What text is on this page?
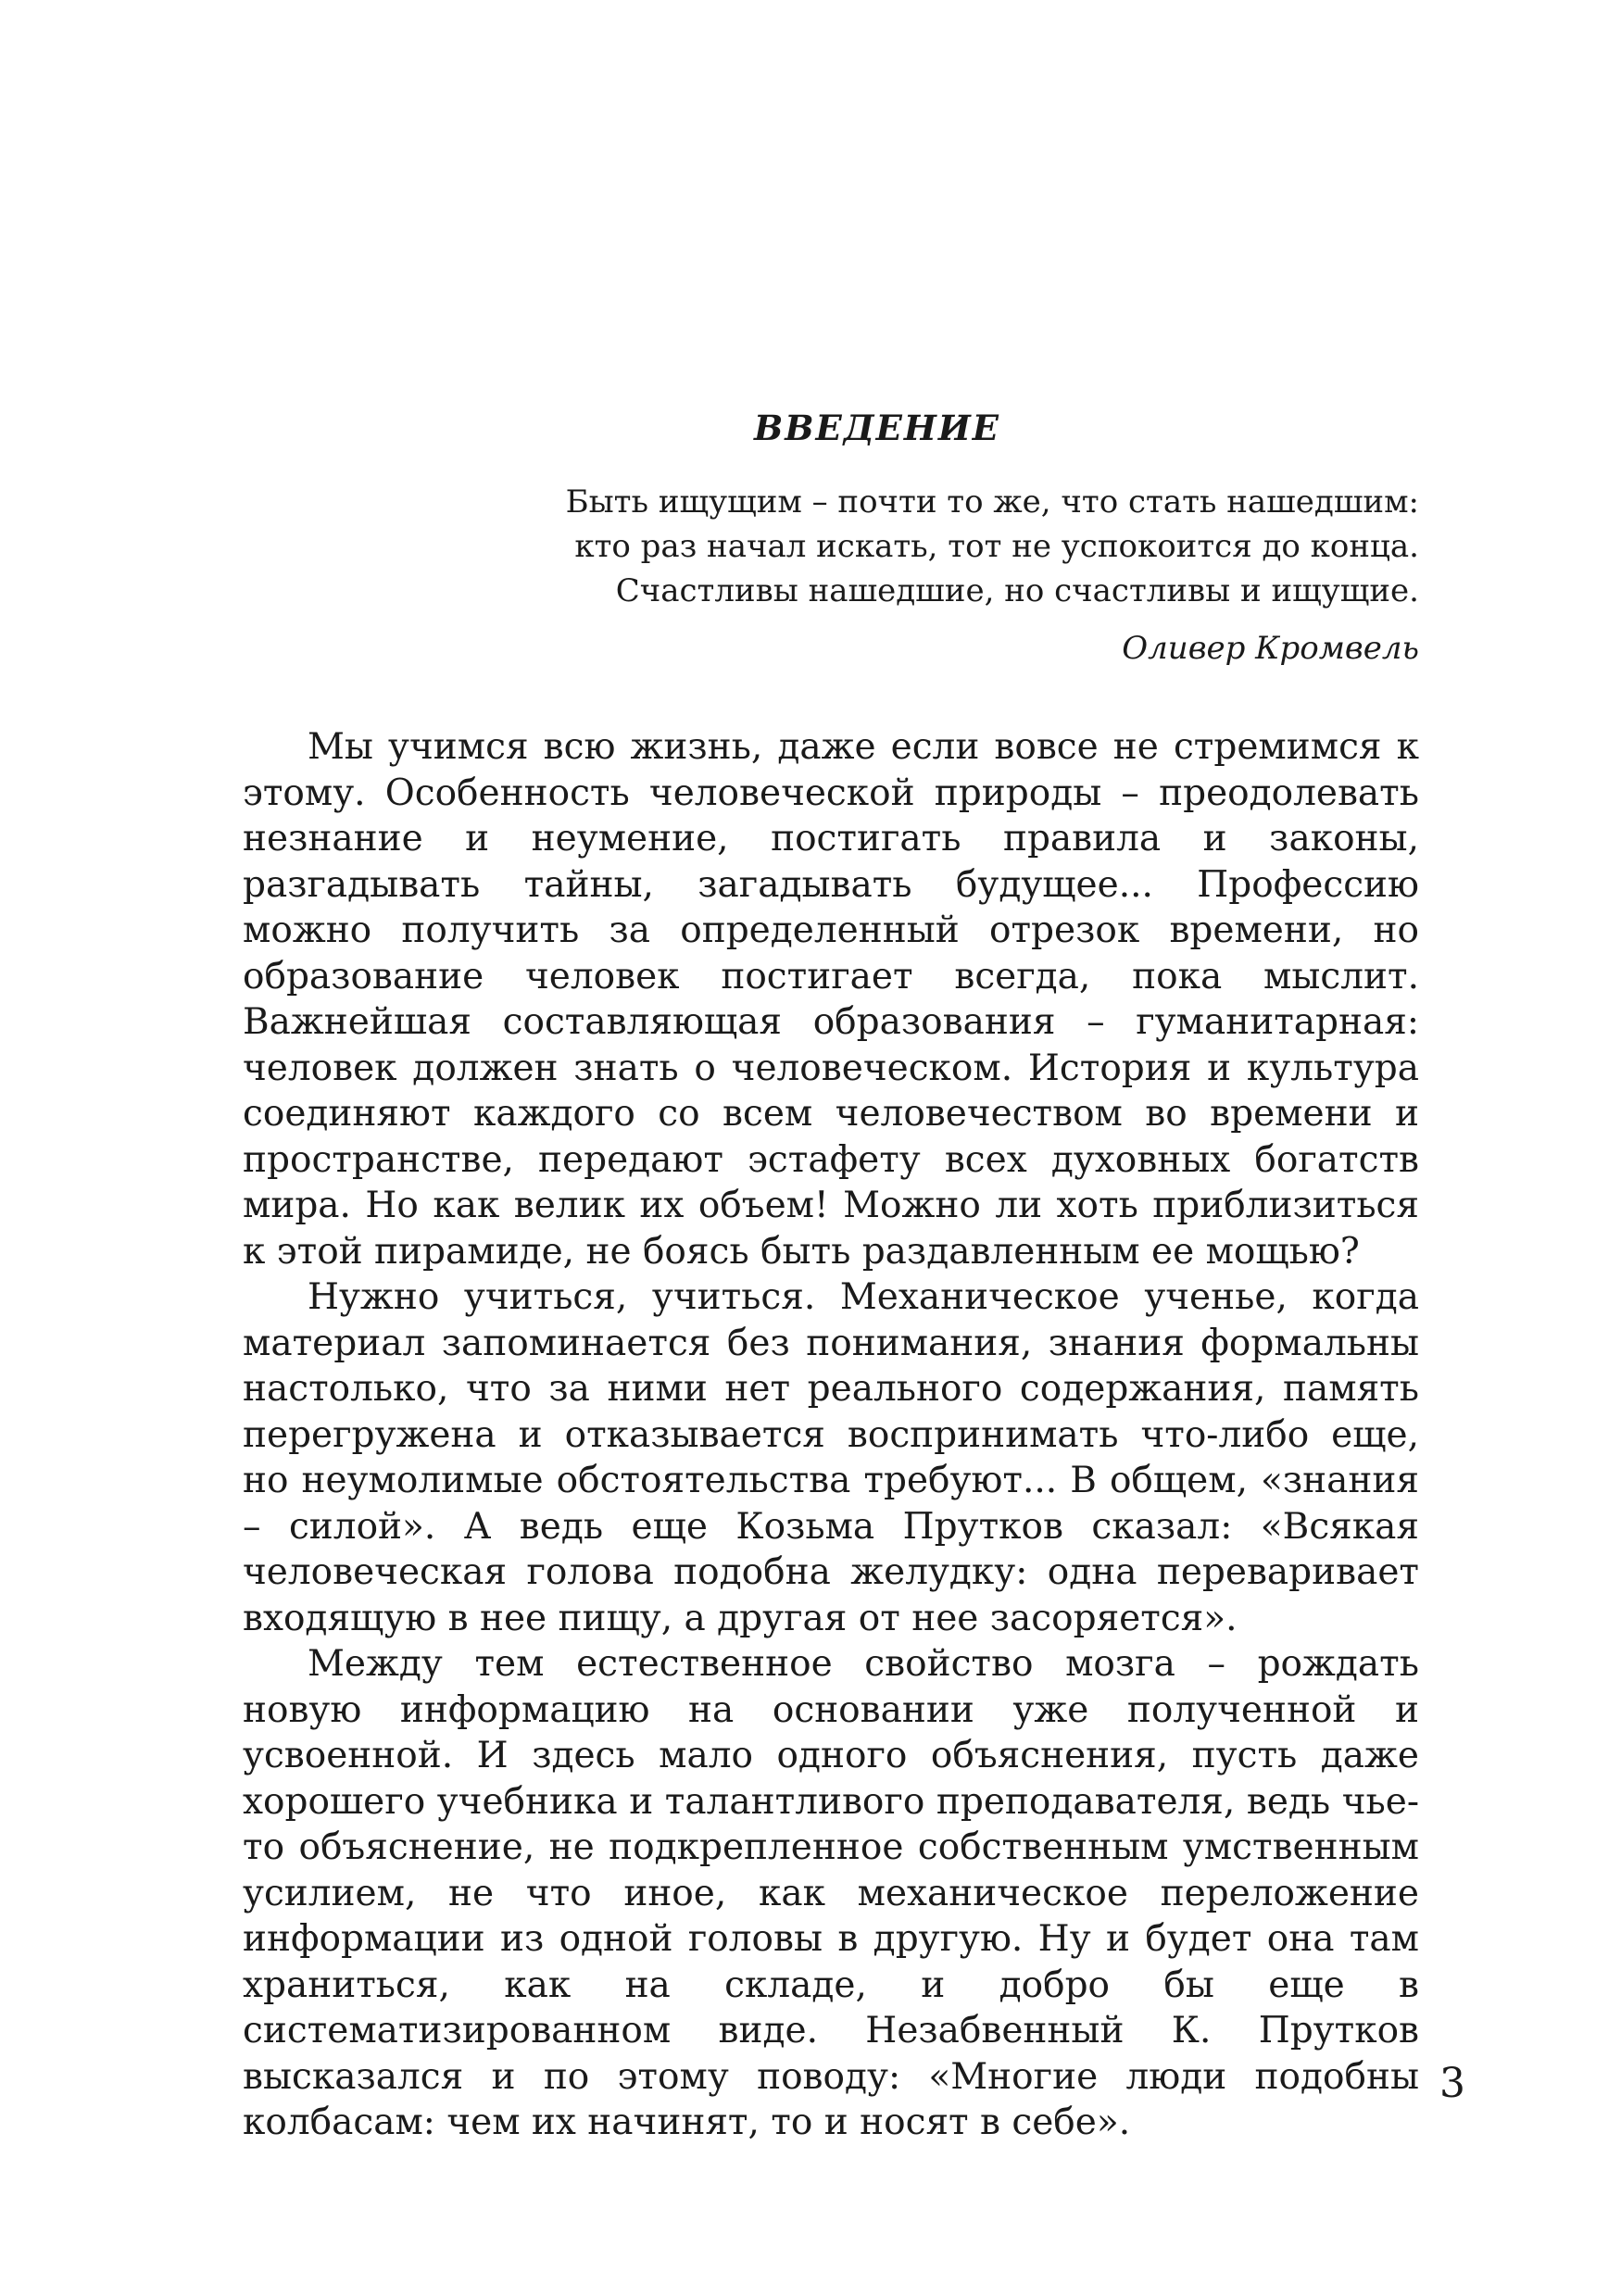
ВВЕДЕНИЕ
Быть ищущим – почти то же, что стать нашедшим:
кто раз начал искать, тот не успокоится до конца.
Счастливы нашедшие, но счастливы и ищущие.
Оливер Кромвель

Мы учимся всю жизнь, даже если вовсе не стремимся к этому. Особенность человеческой природы – преодолевать незнание и неумение, постигать правила и законы, разгадывать тайны, загадывать будущее... Профессию можно получить за определенный отрезок времени, но образование человек постигает всегда, пока мыслит. Важнейшая составляющая образования – гуманитарная: человек должен знать о человеческом. История и культура соединяют каждого со всем человечеством во времени и пространстве, передают эстафету всех духовных богатств мира. Но как велик их объем! Можно ли хоть приблизиться к этой пирамиде, не боясь быть раздавленным ее мощью?

Нужно учиться, учиться. Механическое ученье, когда материал запоминается без понимания, знания формальны настолько, что за ними нет реального содержания, память перегружена и отказывается воспринимать что-либо еще, но неумолимые обстоятельства требуют... В общем, «знания – силой». А ведь еще Козьма Прутков сказал: «Всякая человеческая голова подобна желудку: одна переваривает входящую в нее пищу, а другая от нее засоряется».

Между тем естественное свойство мозга – рождать новую информацию на основании уже полученной и усвоенной. И здесь мало одного объяснения, пусть даже хорошего учебника и талантливого преподавателя, ведь чье-то объяснение, не подкрепленное собственным умственным усилием, не что иное, как механическое переложение информации из одной головы в другую. Ну и будет она там храниться, как на складе, и добро бы еще в систематизированном виде. Незабвенный К. Прутков высказался и по этому поводу: «Многие люди подобны колбасам: чем их начинят, то и носят в себе».

3
